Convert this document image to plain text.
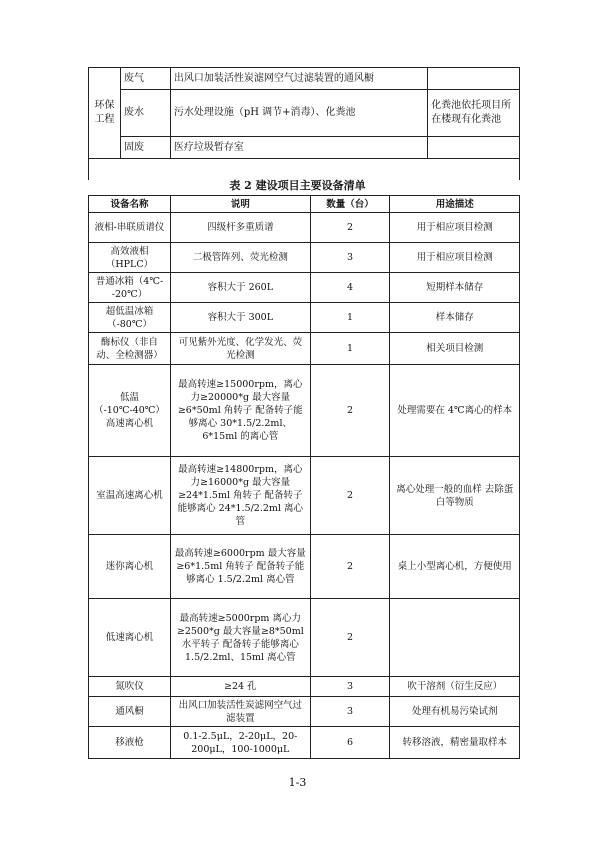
环保工程	废气	出风口加装活性炭滤网空气过滤装置的通风橱	
	废水	污水处理设施（pH 调节+消毒）、化粪池	化粪池依托项目所在楼现有化粪池
	固废	医疗垃圾暂存室	

表 2 建设项目主要设备清单
设备名称	说明	数量（台）	用途描述
液相-串联质谱仪	四级杆多重质谱	2	用于相应项目检测
高效液相（HPLC）	二极管阵列、荧光检测	3	用于相应项目检测
普通冰箱（4℃--20℃）	容积大于 260L	4	短期样本储存
超低温冰箱（-80℃）	容积大于 300L	1	样本储存
酶标仪（非自动、全检测器）	可见紫外光度、化学发光、荧光检测	1	相关项目检测
低温（-10℃-40℃）高速离心机	最高转速≥15000rpm，离心力≥20000*g 最大容量≥6*50ml 角转子 配备转子能够离心 30*1.5/2.2ml、6*15ml 的离心管	2	处理需要在 4℃离心的样本
室温高速离心机	最高转速≥14800rpm，离心力≥16000*g 最大容量≥24*1.5ml 角转子 配备转子能够离心 24*1.5/2.2ml 离心管	2	离心处理一般的血样 去除蛋白等物质
迷你离心机	最高转速≥6000rpm 最大容量≥6*1.5ml 角转子 配备转子能够离心 1.5/2.2ml 离心管	2	桌上小型离心机，方便使用
低速离心机	最高转速≥5000rpm 离心力≥2500*g 最大容量≥8*50ml 水平转子 配备转子能够离心 1.5/2.2ml、15ml 离心管	2	
氮吹仪	≥24 孔	3	吹干溶剂（衍生反应）
通风橱	出风口加装活性炭滤网空气过滤装置	3	处理有机易污染试剂
移液枪	0.1-2.5μL，2-20μL，20-200μL，100-1000μL	6	转移溶液，精密量取样本
1-3
